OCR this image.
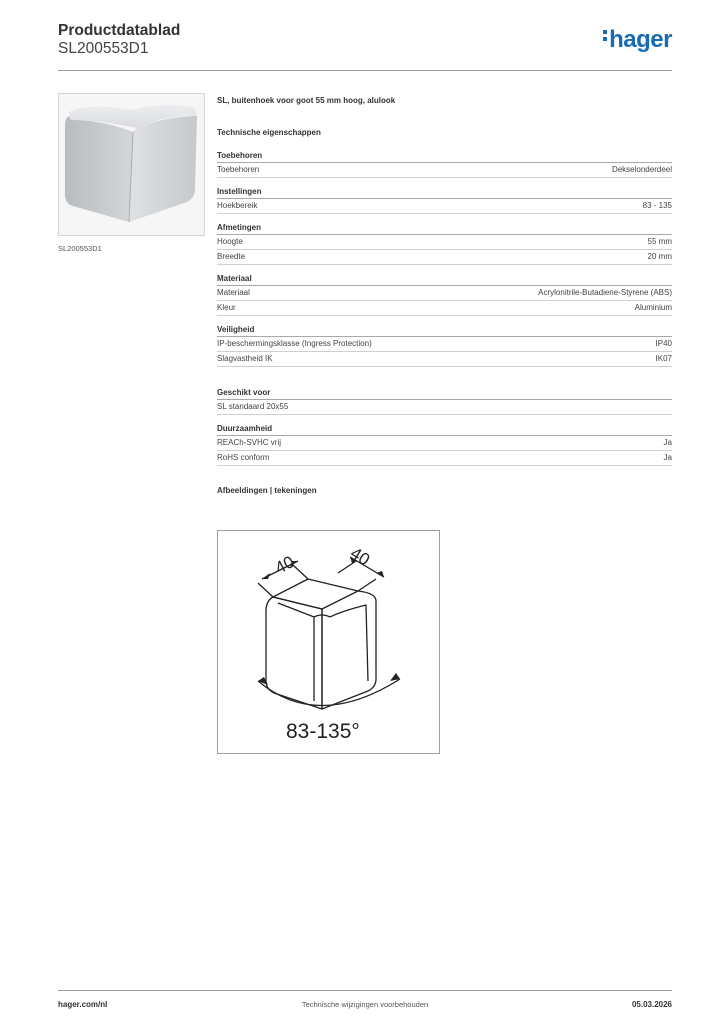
Productdatablad
SL200553D1	hager
SL200553D1
SL, buitenhoek voor goot 55 mm hoog, alulook
Technische eigenschappen
Toebehoren
Toebehoren	Dekselonderdeel
Instellingen
Hoekbereik	83 - 135
Afmetingen
Hoogte	55 mm
Breedte	20 mm
Materiaal
Materiaal	Acrylonitrile-Butadiene-Styrene (ABS)
Kleur	Aluminium
Veiligheid
IP-beschermingsklasse (Ingress Protection)	IP40
Slagvastheid IK	IK07
Geschikt voor
SL standaard 20x55
Duurzaamheid
REACh-SVHC vrij	Ja
RoHS conform	Ja
Afbeeldingen | tekeningen
40	40
83-135°
hager.com/nl	Technische wijzigingen voorbehouden	05.03.2026
